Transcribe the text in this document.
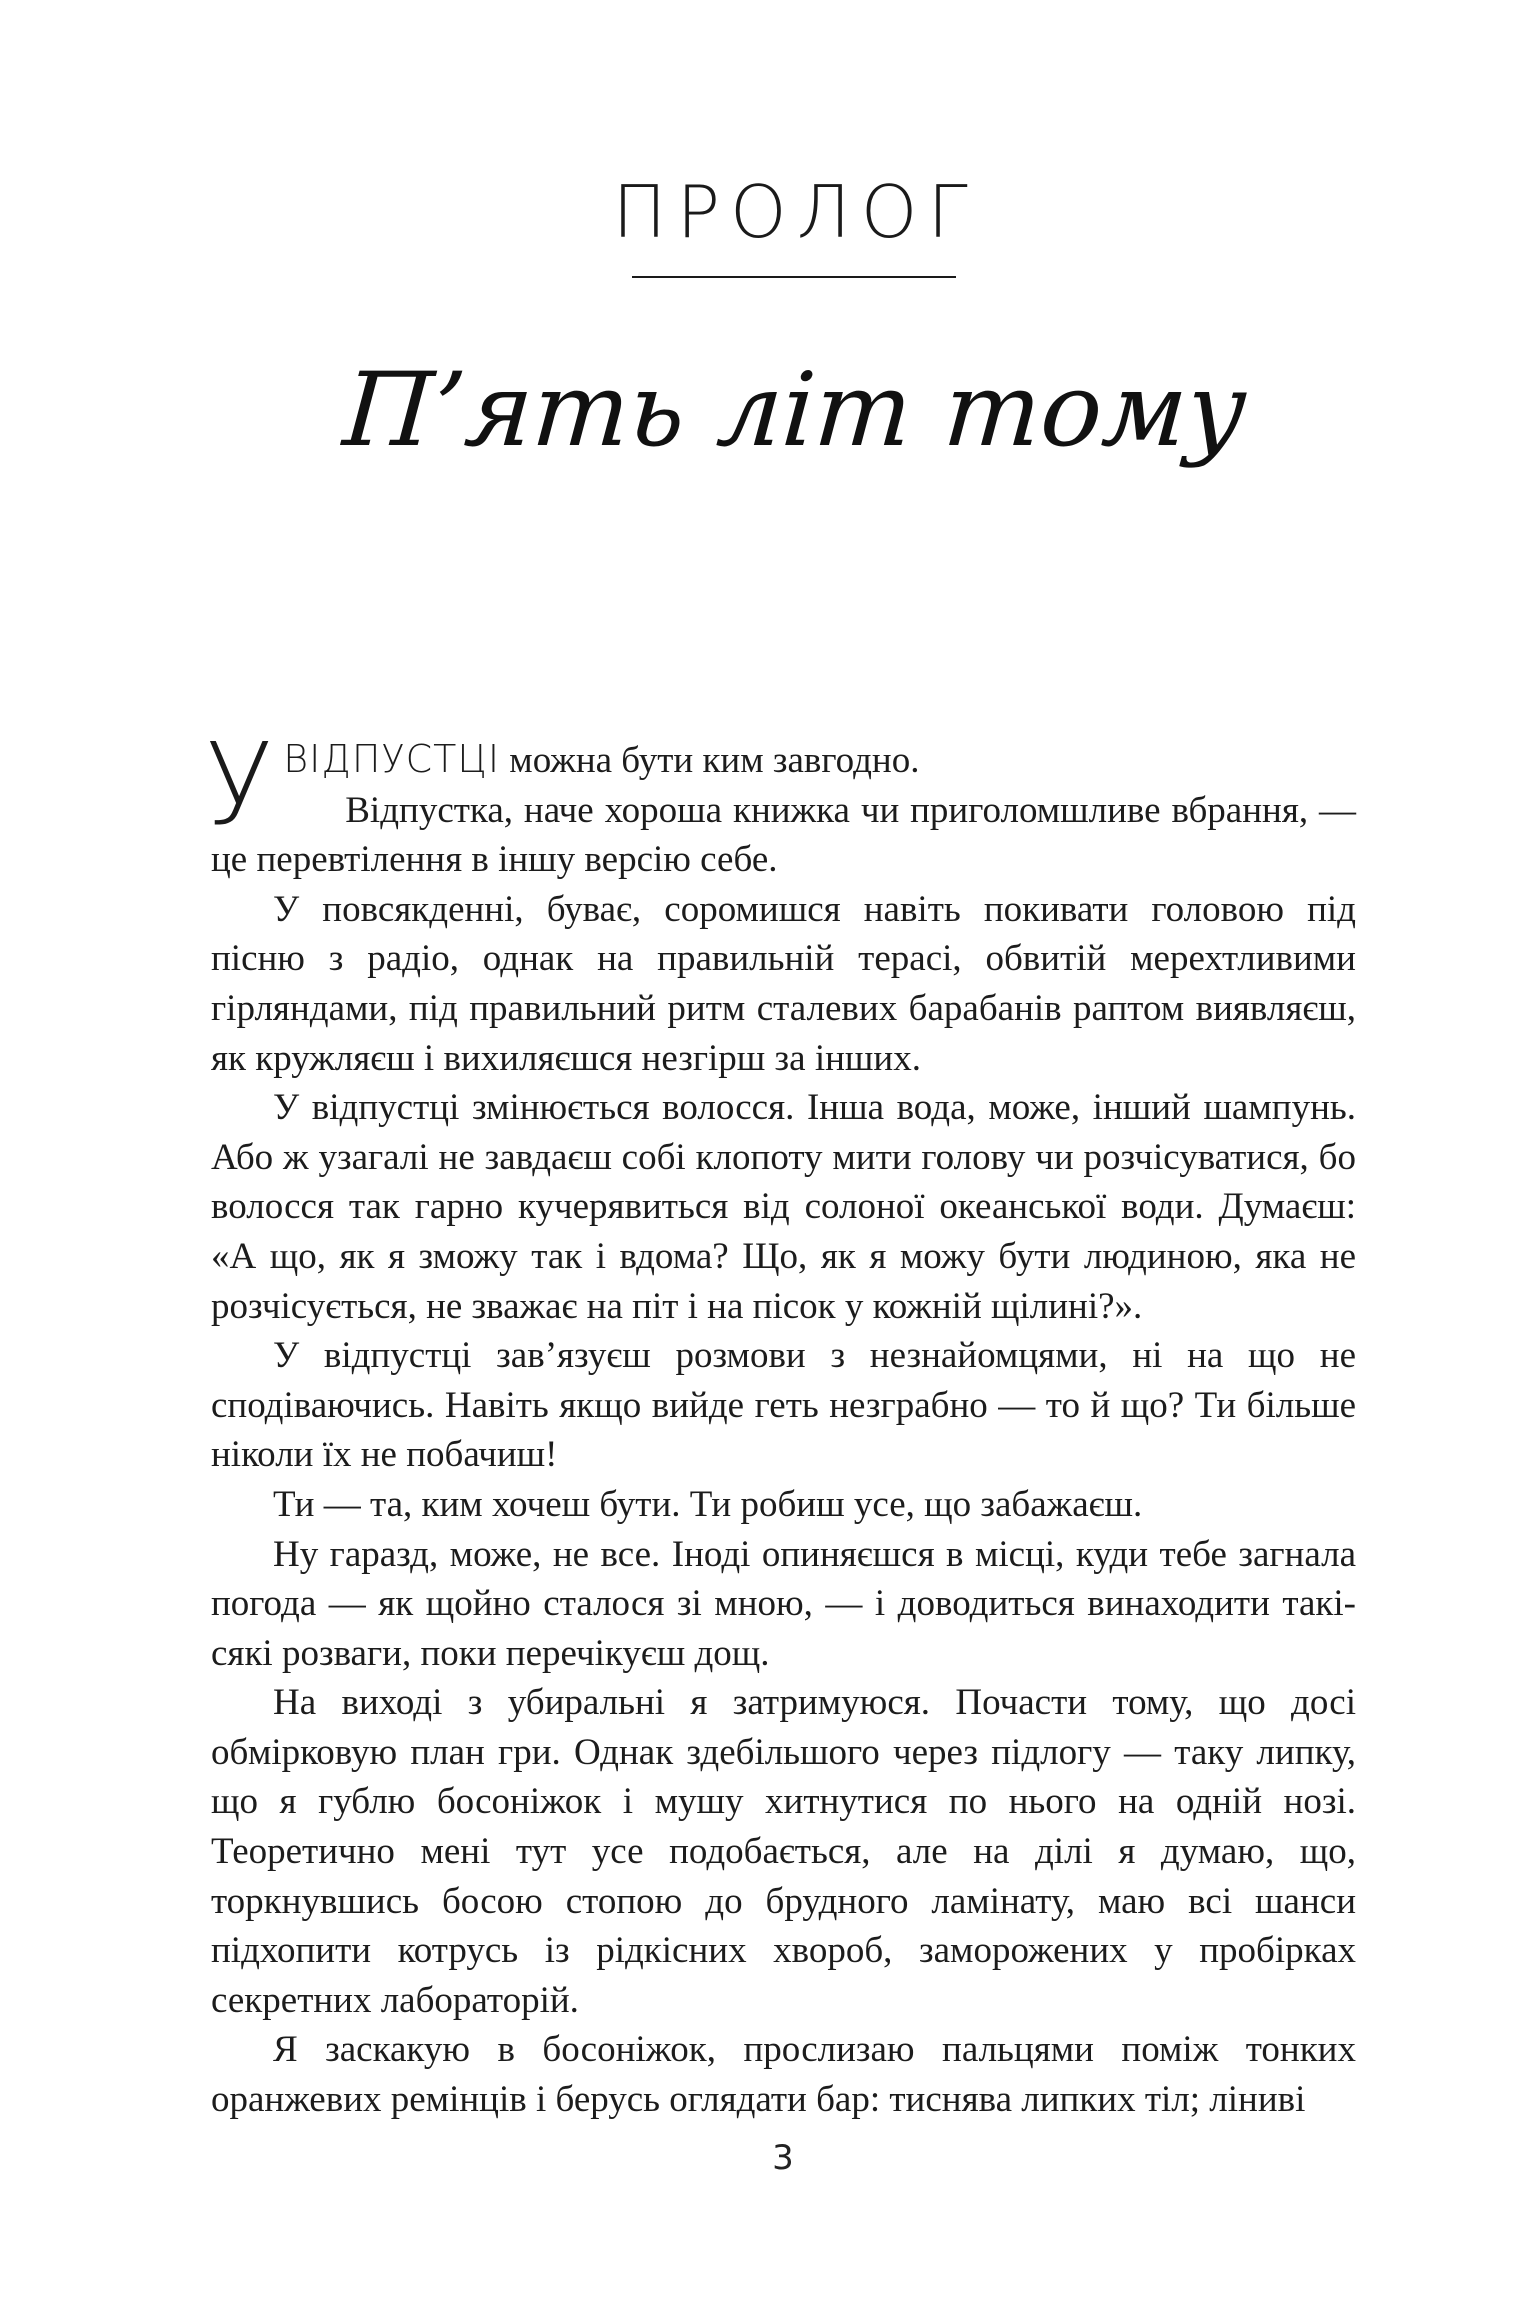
ПРОЛОГ
П’ять літ тому

УВІДПУСТЦІ можна бути ким завгодно.

Відпустка, наче хороша книжка чи приголомшливе вбрання, — це перевтілення в іншу версію себе.

У повсякденні, буває, соромишся навіть покивати головою під пісню з радіо, однак на правильній терасі, обвитій мерехтливими гірляндами, під правильний ритм сталевих барабанів раптом виявляєш, як кружляєш і вихиляєшся незгірш за інших.

У відпустці змінюється волосся. Інша вода, може, інший шампунь. Або ж узагалі не завдаєш собі клопоту мити голову чи розчісуватися, бо волосся так гарно кучерявиться від солоної океанської води. Думаєш: «А що, як я зможу так і вдома? Що, як я можу бути людиною, яка не розчісується, не зважає на піт і на пісок у кожній щілині?».

У відпустці зав’язуєш розмови з незнайомцями, ні на що не сподіваючись. Навіть якщо вийде геть незграбно — то й що? Ти більше ніколи їх не побачиш!

Ти — та, ким хочеш бути. Ти робиш усе, що забажаєш.

Ну гаразд, може, не все. Іноді опиняєшся в місці, куди тебе загнала погода — як щойно сталося зі мною, — і доводиться винаходити такі-сякі розваги, поки перечікуєш дощ.

На виході з убиральні я затримуюся. Почасти тому, що досі обмірковую план гри. Однак здебільшого через підлогу — таку липку, що я гублю босоніжок і мушу хитнутися по нього на одній нозі. Теоретично мені тут усе подобається, але на ділі я думаю, що, торкнувшись босою стопою до брудного ламінату, маю всі шанси підхопити котрусь із рідкісних хвороб, заморожених у пробірках секретних лабораторій.

Я заскакую в босоніжок, прослизаю пальцями поміж тонких оранжевих ремінців і берусь оглядати бар: тиснява липких тіл; ліниві

3
